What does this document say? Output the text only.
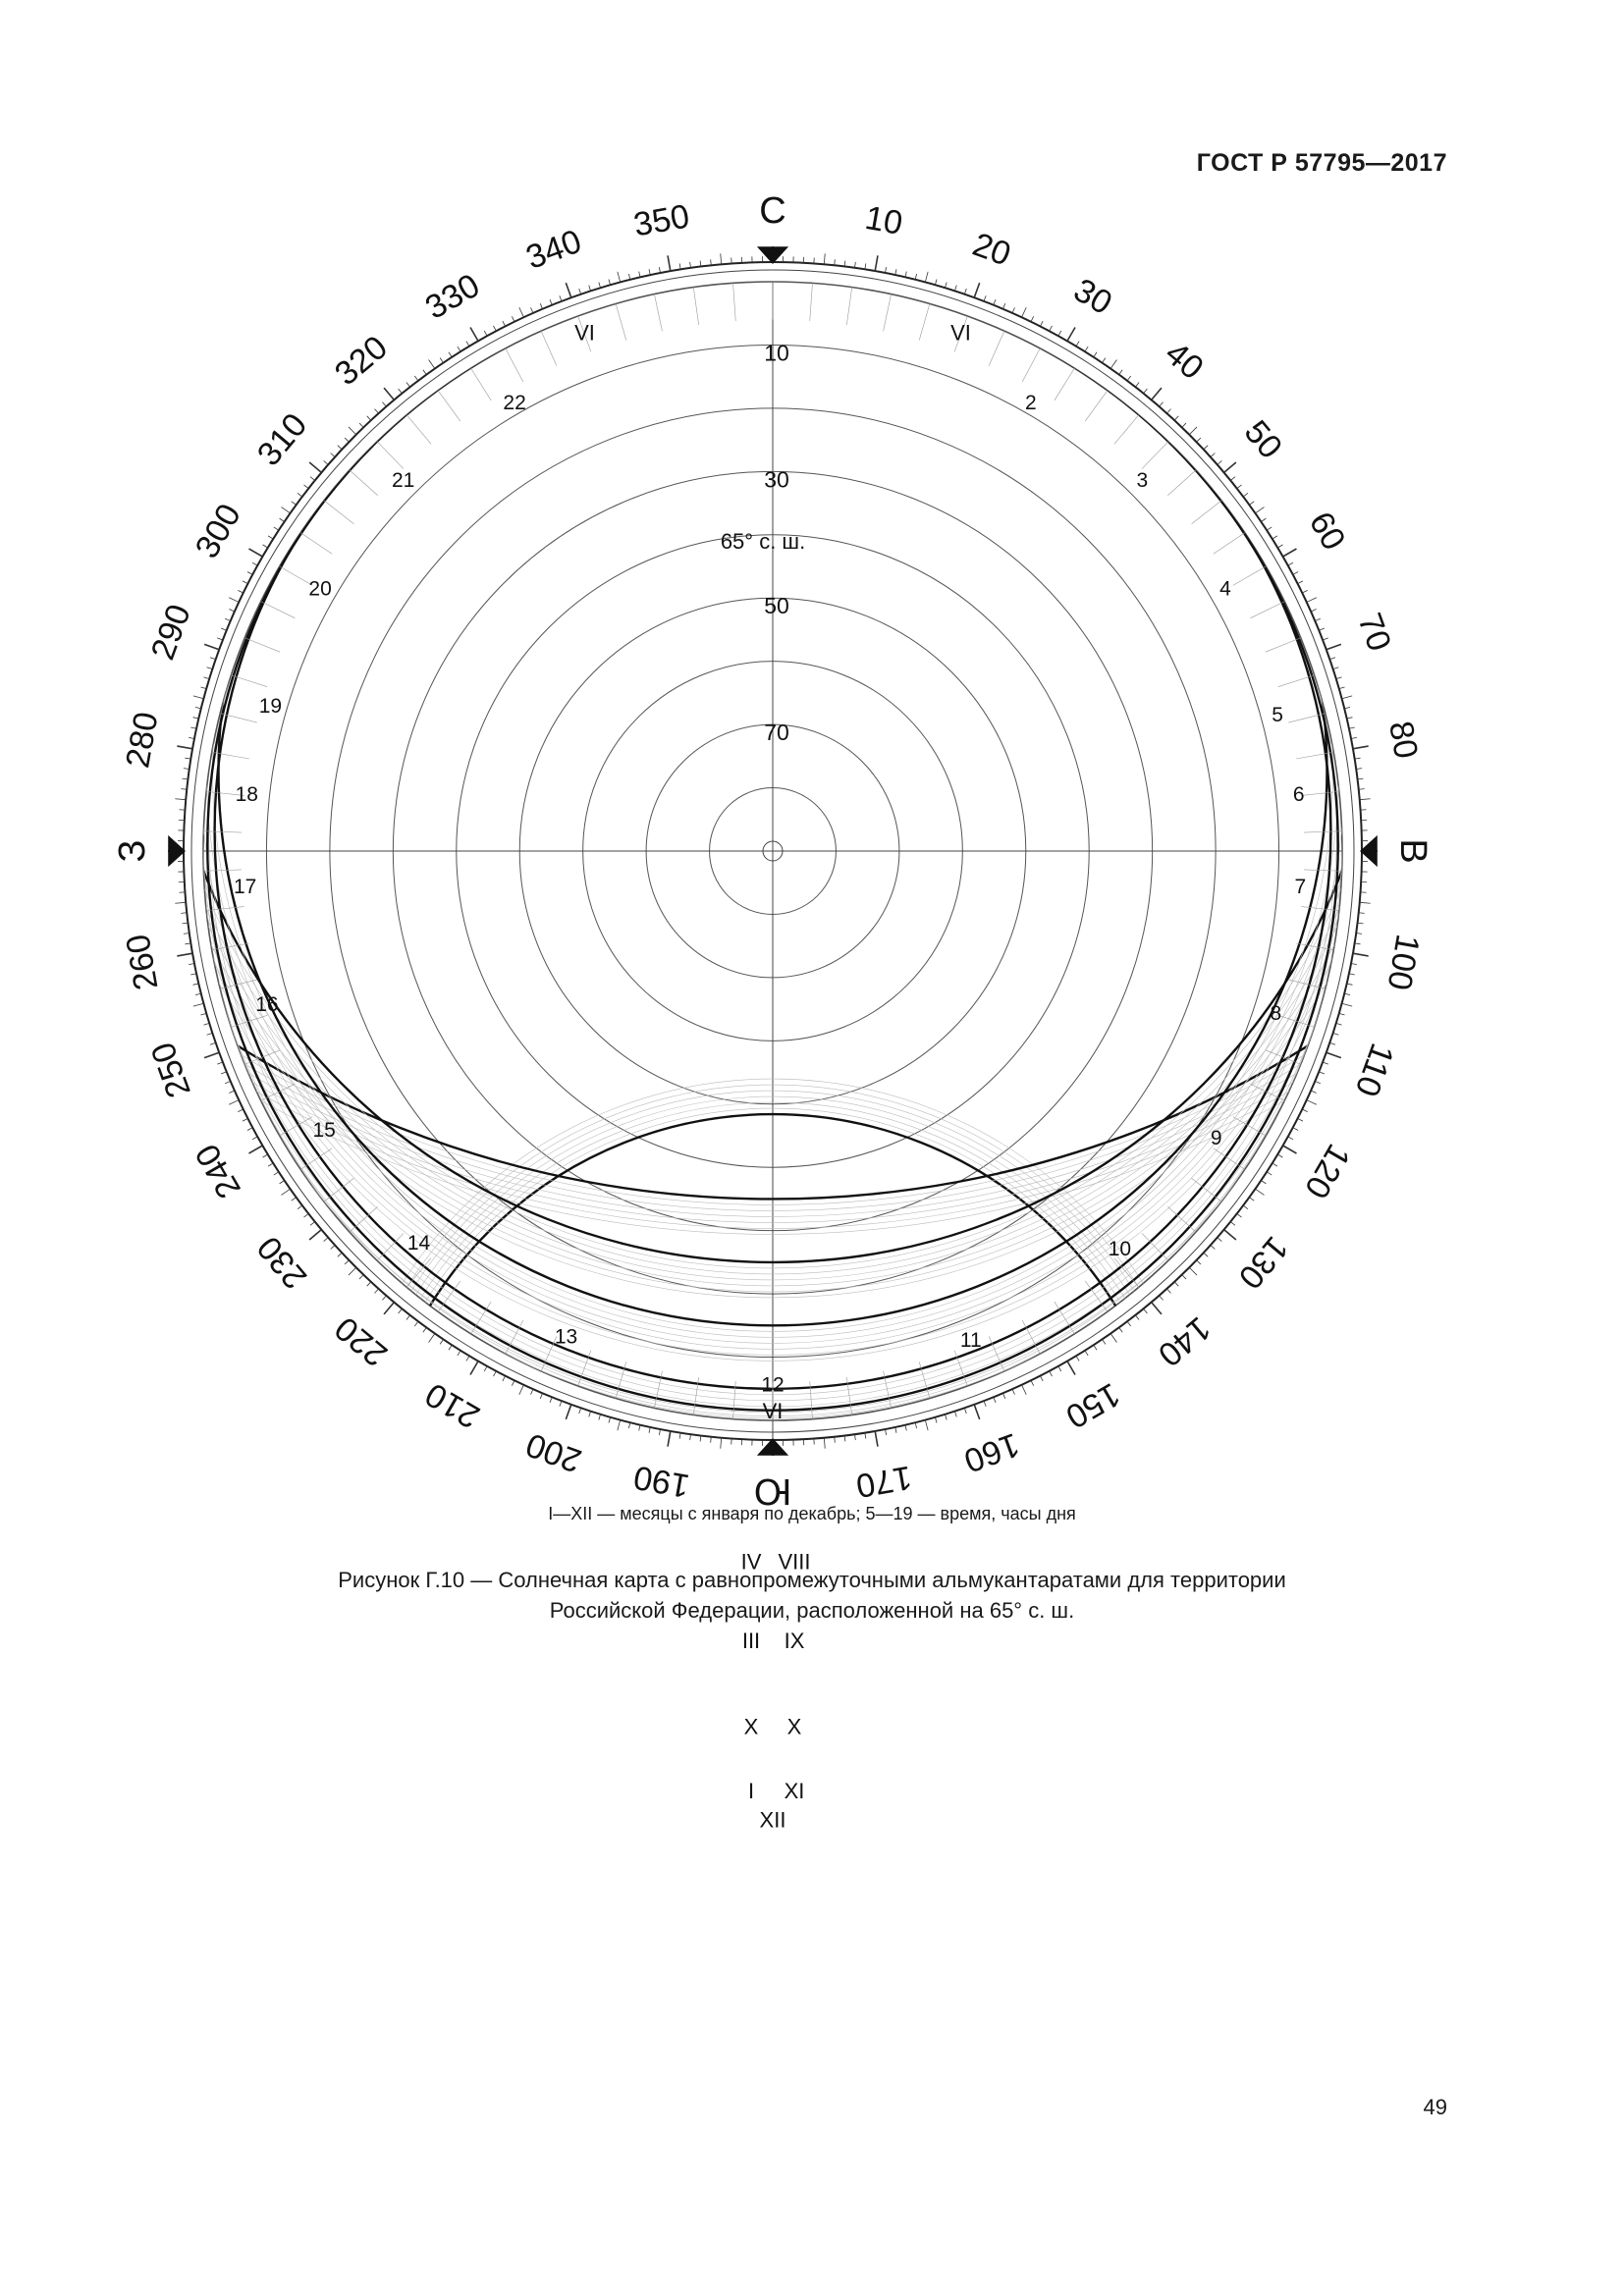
ГОСТ Р 57795—2017
С
В
Ю
З
10
20
30
40
50
60
70
80
100
110
120
130
140
150
160
170
190
200
210
220
230
240
250
260
280
290
300
310
320
330
340
350
10
30
50
70
65° с. ш.
2
3
4
5
6
7
8
9
10
11
12
13
14
15
16
17
18
19
20
21
22
VI	VI
VI
IV VIII
III IX
X X
I XI
XII
I—XII — месяцы с января по декабрь; 5—19 — время, часы дня
Рисунок Г.10 — Солнечная карта с равнопромежуточными альмукантаратами для территории
Российской Федерации, расположенной на 65° с. ш.
49
